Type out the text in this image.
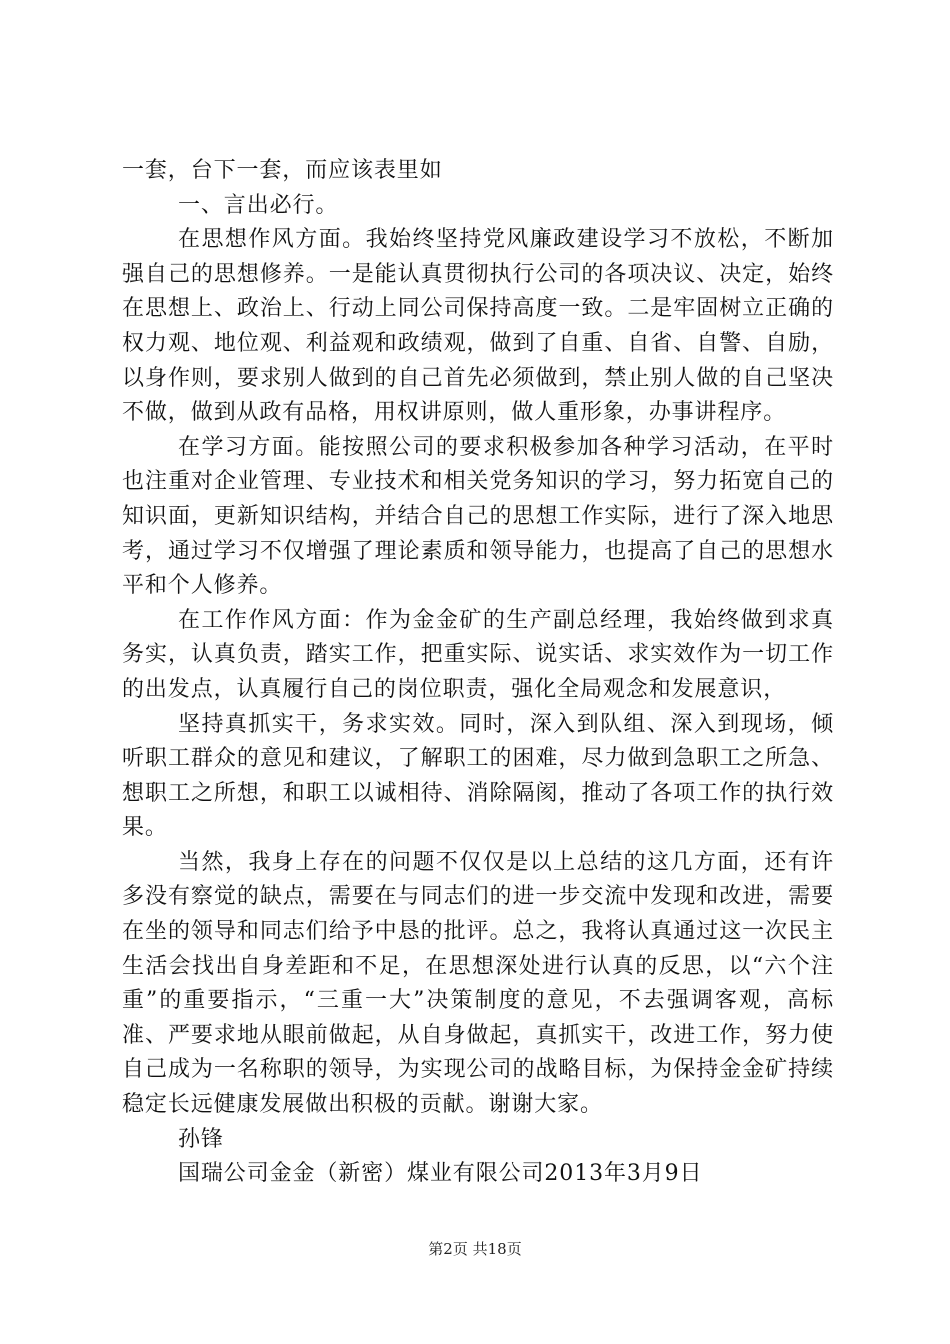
一套，台下一套，而应该表里如

一、言出必行。

在思想作风方面。我始终坚持党风廉政建设学习不放松，不断加强自己的思想修养。一是能认真贯彻执行公司的各项决议、决定，始终在思想上、政治上、行动上同公司保持高度一致。二是牢固树立正确的权力观、地位观、利益观和政绩观，做到了自重、自省、自警、自励，以身作则，要求别人做到的自己首先必须做到，禁止别人做的自己坚决不做，做到从政有品格，用权讲原则，做人重形象，办事讲程序。

在学习方面。能按照公司的要求积极参加各种学习活动，在平时也注重对企业管理、专业技术和相关党务知识的学习，努力拓宽自己的知识面，更新知识结构，并结合自己的思想工作实际，进行了深入地思考，通过学习不仅增强了理论素质和领导能力，也提高了自己的思想水平和个人修养。

在工作作风方面：作为金金矿的生产副总经理，我始终做到求真务实，认真负责，踏实工作，把重实际、说实话、求实效作为一切工作的出发点，认真履行自己的岗位职责，强化全局观念和发展意识，

坚持真抓实干，务求实效。同时，深入到队组、深入到现场，倾听职工群众的意见和建议，了解职工的困难，尽力做到急职工之所急、想职工之所想，和职工以诚相待、消除隔阂，推动了各项工作的执行效果。

当然，我身上存在的问题不仅仅是以上总结的这几方面，还有许多没有察觉的缺点，需要在与同志们的进一步交流中发现和改进，需要在坐的领导和同志们给予中恳的批评。总之，我将认真通过这一次民主生活会找出自身差距和不足，在思想深处进行认真的反思，以“六个注重”的重要指示，“三重一大”决策制度的意见，不去强调客观，高标准、严要求地从眼前做起，从自身做起，真抓实干，改进工作，努力使自己成为一名称职的领导，为实现公司的战略目标，为保持金金矿持续稳定长远健康发展做出积极的贡献。谢谢大家。

孙锋

国瑞公司金金（新密）煤业有限公司2013年3月9日

第2页 共18页
